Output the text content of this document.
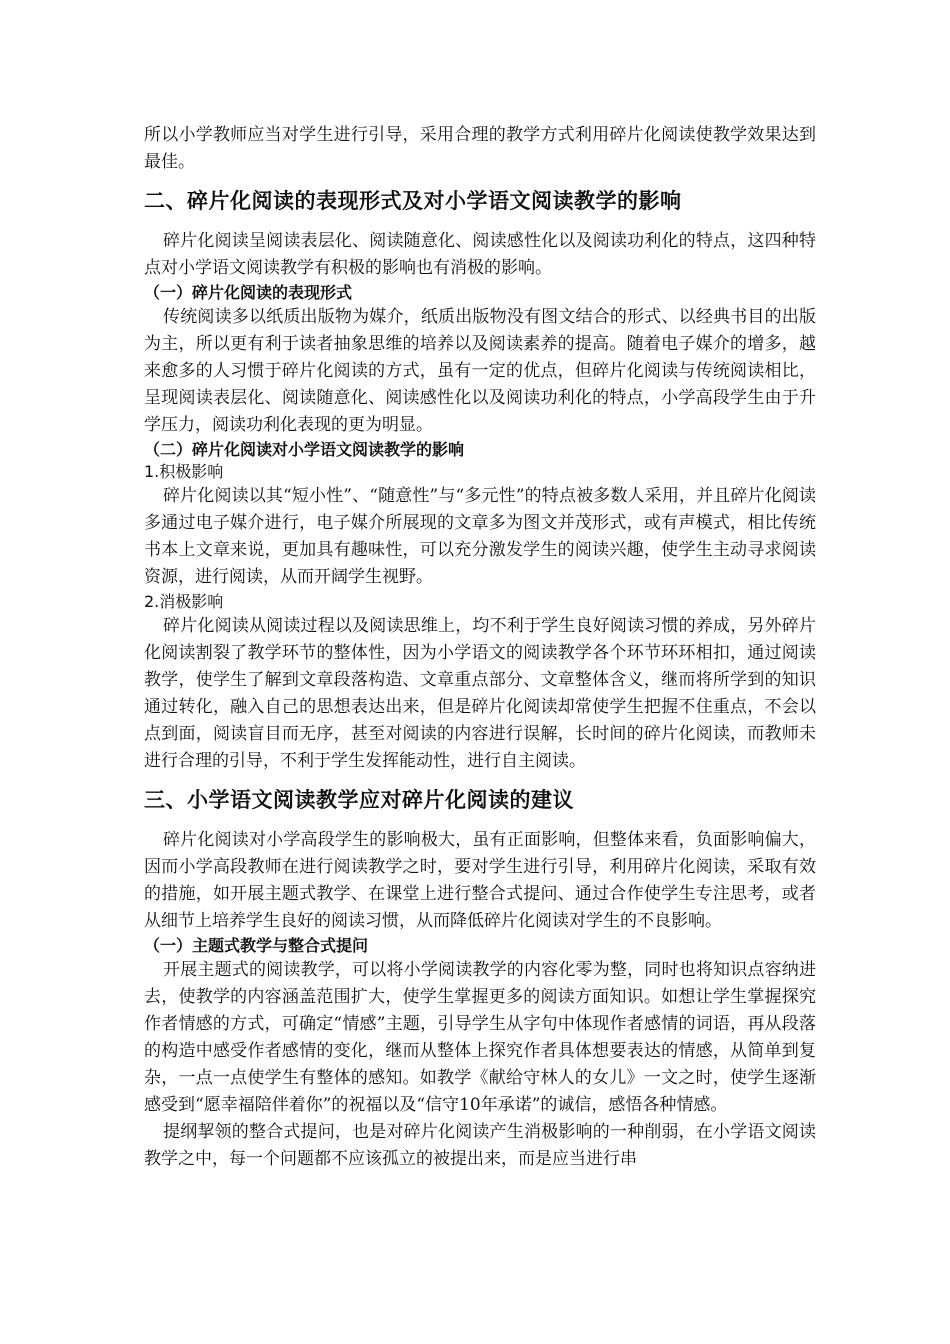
所以小学教师应当对学生进行引导，采用合理的教学方式利用碎片化阅读使教学效果达到最佳。

二、碎片化阅读的表现形式及对小学语文阅读教学的影响

碎片化阅读呈阅读表层化、阅读随意化、阅读感性化以及阅读功利化的特点，这四种特点对小学语文阅读教学有积极的影响也有消极的影响。

（一）碎片化阅读的表现形式

传统阅读多以纸质出版物为媒介，纸质出版物没有图文结合的形式、以经典书目的出版为主，所以更有利于读者抽象思维的培养以及阅读素养的提高。随着电子媒介的增多，越来愈多的人习惯于碎片化阅读的方式，虽有一定的优点，但碎片化阅读与传统阅读相比，呈现阅读表层化、阅读随意化、阅读感性化以及阅读功利化的特点，小学高段学生由于升学压力，阅读功利化表现的更为明显。

（二）碎片化阅读对小学语文阅读教学的影响
1.积极影响

碎片化阅读以其“短小性”、“随意性”与“多元性”的特点被多数人采用，并且碎片化阅读多通过电子媒介进行，电子媒介所展现的文章多为图文并茂形式，或有声模式，相比传统书本上文章来说，更加具有趣味性，可以充分激发学生的阅读兴趣，使学生主动寻求阅读资源，进行阅读，从而开阔学生视野。

2.消极影响

碎片化阅读从阅读过程以及阅读思维上，均不利于学生良好阅读习惯的养成，另外碎片化阅读割裂了教学环节的整体性，因为小学语文的阅读教学各个环节环环相扣，通过阅读教学，使学生了解到文章段落构造、文章重点部分、文章整体含义，继而将所学到的知识通过转化，融入自己的思想表达出来，但是碎片化阅读却常使学生把握不住重点，不会以点到面，阅读盲目而无序，甚至对阅读的内容进行误解，长时间的碎片化阅读，而教师未进行合理的引导，不利于学生发挥能动性，进行自主阅读。

三、小学语文阅读教学应对碎片化阅读的建议

碎片化阅读对小学高段学生的影响极大，虽有正面影响，但整体来看，负面影响偏大，因而小学高段教师在进行阅读教学之时，要对学生进行引导，利用碎片化阅读，采取有效的措施，如开展主题式教学、在课堂上进行整合式提问、通过合作使学生专注思考，或者从细节上培养学生良好的阅读习惯，从而降低碎片化阅读对学生的不良影响。

（一）主题式教学与整合式提问

开展主题式的阅读教学，可以将小学阅读教学的内容化零为整，同时也将知识点容纳进去，使教学的内容涵盖范围扩大，使学生掌握更多的阅读方面知识。如想让学生掌握探究作者情感的方式，可确定“情感”主题，引导学生从字句中体现作者感情的词语，再从段落的构造中感受作者感情的变化，继而从整体上探究作者具体想要表达的情感，从简单到复杂，一点一点使学生有整体的感知。如教学《献给守林人的女儿》一文之时，使学生逐渐感受到“愿幸福陪伴着你”的祝福以及“信守10年承诺”的诚信，感悟各种情感。

提纲挈领的整合式提问，也是对碎片化阅读产生消极影响的一种削弱，在小学语文阅读教学之中，每一个问题都不应该孤立的被提出来，而是应当进行串
